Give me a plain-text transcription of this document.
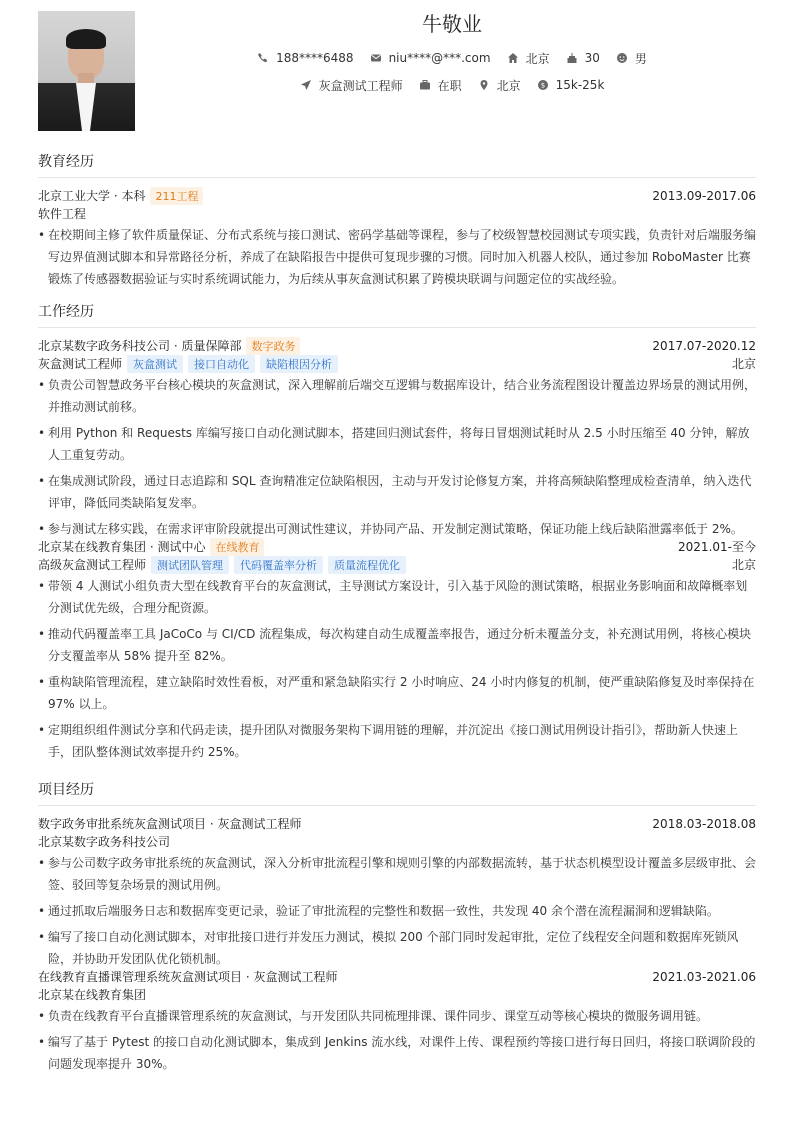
牛敬业
188****6488	niu****@***.com	北京	30	男
灰盒测试工程师	在职	北京	$ 15k-25k
教育经历
北京工业大学 · 本科 211工程	2013.09-2017.06
软件工程
• 在校期间主修了软件质量保证、分布式系统与接口测试、密码学基础等课程，参与了校级智慧校园测试专项实践，负责针对后端服务编写边界值测试脚本和异常路径分析，养成了在缺陷报告中提供可复现步骤的习惯。同时加入机器人校队，通过参加 RoboMaster 比赛锻炼了传感器数据验证与实时系统调试能力，为后续从事灰盒测试积累了跨模块联调与问题定位的实战经验。
工作经历
北京某数字政务科技公司 · 质量保障部 数字政务	2017.07-2020.12
灰盒测试工程师	灰盒测试	接口自动化	缺陷根因分析	北京
• 负责公司智慧政务平台核心模块的灰盒测试，深入理解前后端交互逻辑与数据库设计，结合业务流程图设计覆盖边界场景的测试用例，并推动测试前移。
• 利用 Python 和 Requests 库编写接口自动化测试脚本，搭建回归测试套件，将每日冒烟测试耗时从 2.5 小时压缩至 40 分钟，解放人工重复劳动。
• 在集成测试阶段，通过日志追踪和 SQL 查询精准定位缺陷根因，主动与开发讨论修复方案，并将高频缺陷整理成检查清单，纳入迭代评审，降低同类缺陷复发率。
• 参与测试左移实践，在需求评审阶段就提出可测试性建议，并协同产品、开发制定测试策略，保证功能上线后缺陷泄露率低于 2%。
北京某在线教育集团 · 测试中心 在线教育	2021.01-至今
高级灰盒测试工程师	测试团队管理	代码覆盖率分析	质量流程优化	北京
• 带领 4 人测试小组负责大型在线教育平台的灰盒测试，主导测试方案设计，引入基于风险的测试策略，根据业务影响面和故障概率划分测试优先级，合理分配资源。
• 推动代码覆盖率工具 JaCoCo 与 CI/CD 流程集成，每次构建自动生成覆盖率报告，通过分析未覆盖分支，补充测试用例，将核心模块分支覆盖率从 58% 提升至 82%。
• 重构缺陷管理流程，建立缺陷时效性看板，对严重和紧急缺陷实行 2 小时响应、24 小时内修复的机制，使严重缺陷修复及时率保持在 97% 以上。
• 定期组织组件测试分享和代码走读，提升团队对微服务架构下调用链的理解，并沉淀出《接口测试用例设计指引》，帮助新人快速上手，团队整体测试效率提升约 25%。
项目经历
数字政务审批系统灰盒测试项目 · 灰盒测试工程师	2018.03-2018.08
北京某数字政务科技公司
• 参与公司数字政务审批系统的灰盒测试，深入分析审批流程引擎和规则引擎的内部数据流转，基于状态机模型设计覆盖多层级审批、会签、驳回等复杂场景的测试用例。
• 通过抓取后端服务日志和数据库变更记录，验证了审批流程的完整性和数据一致性，共发现 40 余个潜在流程漏洞和逻辑缺陷。
• 编写了接口自动化测试脚本，对审批接口进行并发压力测试，模拟 200 个部门同时发起审批，定位了线程安全问题和数据库死锁风险，并协助开发团队优化锁机制。
在线教育直播课管理系统灰盒测试项目 · 灰盒测试工程师	2021.03-2021.06
北京某在线教育集团
• 负责在线教育平台直播课管理系统的灰盒测试，与开发团队共同梳理排课、课件同步、课堂互动等核心模块的微服务调用链。
• 编写了基于 Pytest 的接口自动化测试脚本，集成到 Jenkins 流水线，对课件上传、课程预约等接口进行每日回归，将接口联调阶段的问题发现率提升 30%。
